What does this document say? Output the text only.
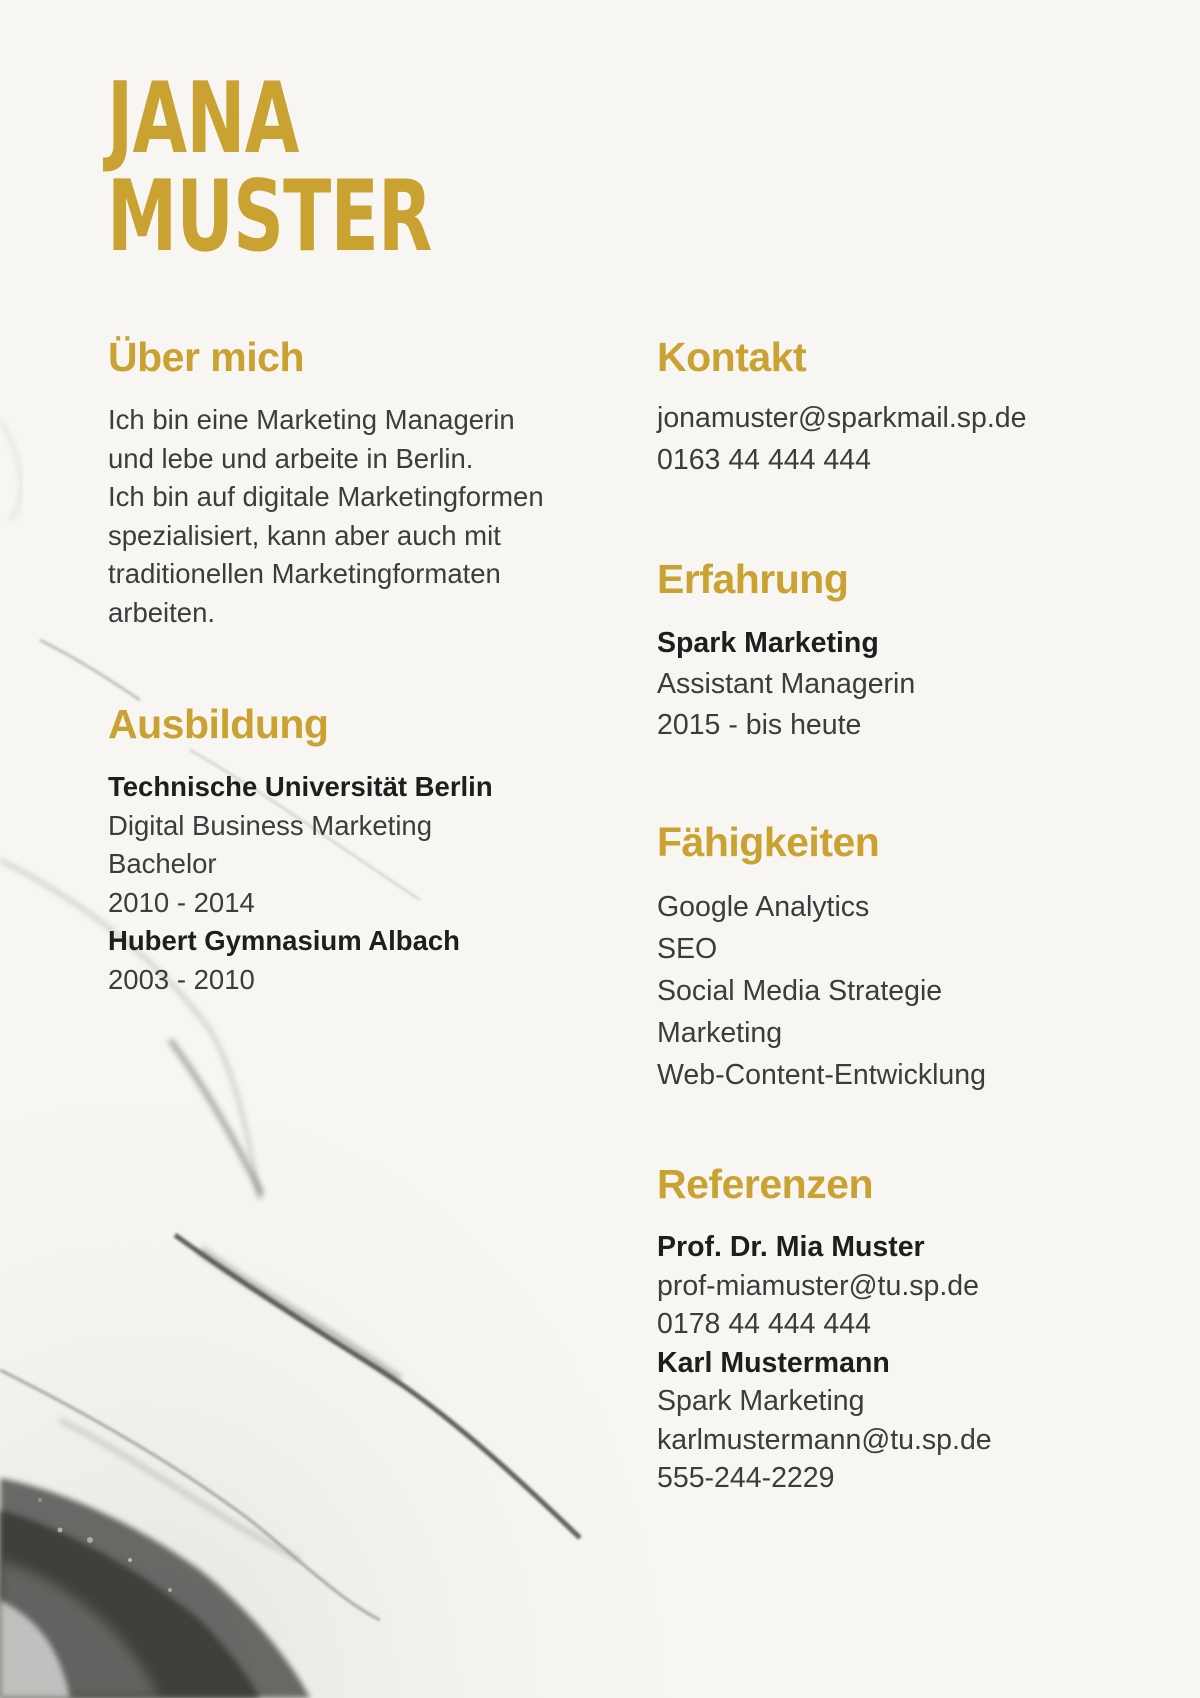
JANA
MUSTER
Über mich

Ich bin eine Marketing Managerin

und lebe und arbeite in Berlin.

Ich bin auf digitale Marketingformen

spezialisiert, kann aber auch mit

traditionellen Marketingformaten

arbeiten.

Ausbildung

Technische Universität Berlin

Digital Business Marketing

Bachelor

2010 - 2014

Hubert Gymnasium Albach

2003 - 2010

Kontakt

jonamuster@sparkmail.sp.de

0163 44 444 444

Erfahrung

Spark Marketing

Assistant Managerin

2015 - bis heute

Fähigkeiten

Google Analytics

SEO

Social Media Strategie

Marketing

Web-Content-Entwicklung

Referenzen

Prof. Dr. Mia Muster

prof-miamuster@tu.sp.de

0178 44 444 444

Karl Mustermann

Spark Marketing

karlmustermann@tu.sp.de

555-244-2229
